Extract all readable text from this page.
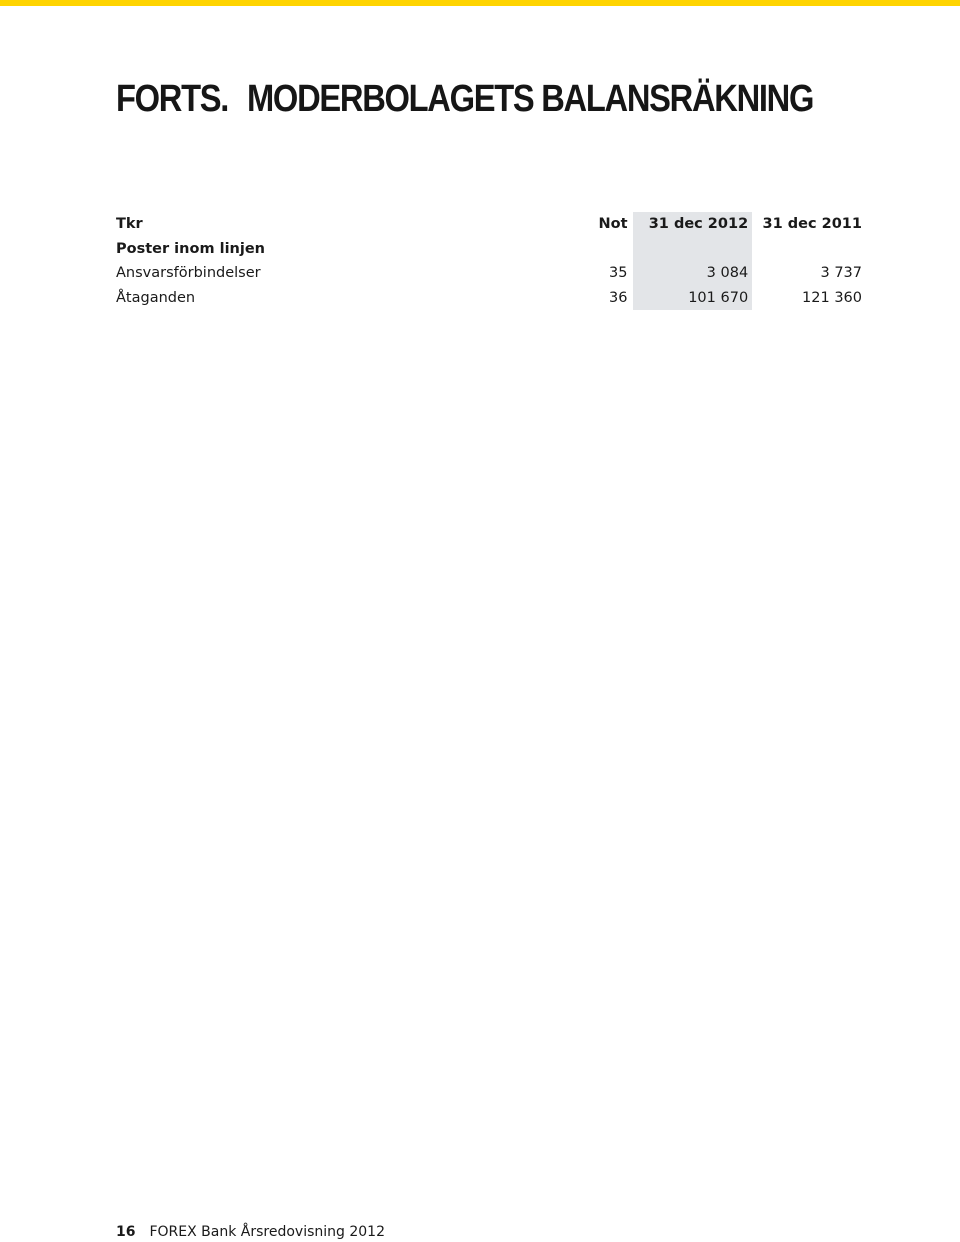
FORTS. MODERBOLAGETS BALANSRÄKNING
Tkr	Not	31 dec 2012	31 dec 2011
Poster inom linjen			
Ansvarsförbindelser	35	3 084	3 737
Åtaganden	36	101 670	121 360
16 FOREX Bank Årsredovisning 2012
